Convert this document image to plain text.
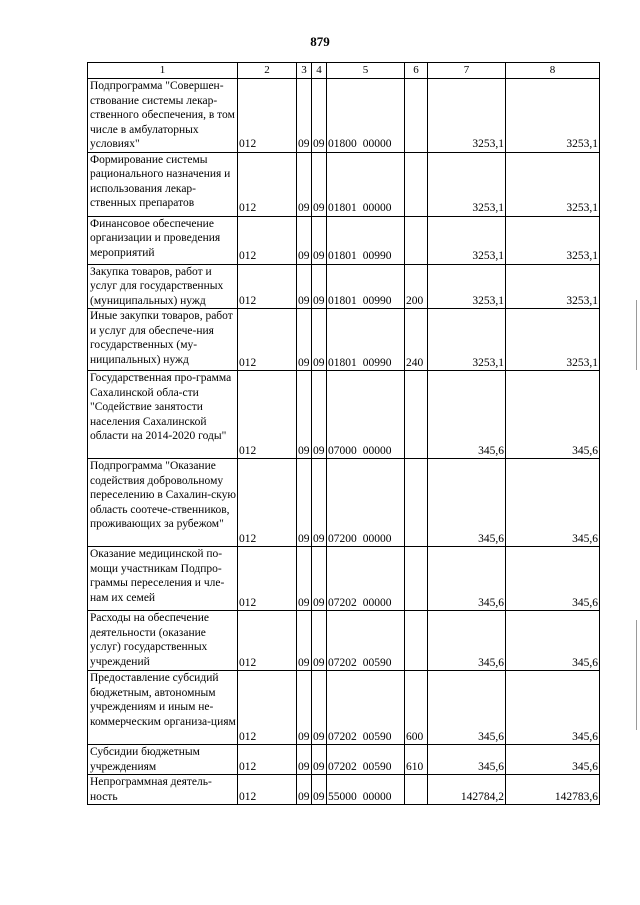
879
1	2	3	4	5	6	7	8
Подпрограмма "Совершен-ствование системы лекар-ственного обеспечения, в том числе в амбулаторных условиях"	012	09	09	01800 00000		3253,1	3253,1
Формирование системы рационального назначения и использования лекар-ственных препаратов	012	09	09	01801 00000		3253,1	3253,1
Финансовое обеспечение организации и проведения мероприятий	012	09	09	01801 00990		3253,1	3253,1
Закупка товаров, работ и услуг для государственных (муниципальных) нужд	012	09	09	01801 00990	200	3253,1	3253,1
Иные закупки товаров, работ и услуг для обеспече-ния государственных (му-ниципальных) нужд	012	09	09	01801 00990	240	3253,1	3253,1
Государственная про-грамма Сахалинской обла-сти "Содействие занятости населения Сахалинской области на 2014-2020 годы"	012	09	09	07000 00000		345,6	345,6
Подпрограмма "Оказание содействия добровольному переселению в Сахалин-скую область соотече-ственников, проживающих за рубежом"	012	09	09	07200 00000		345,6	345,6
Оказание медицинской по-мощи участникам Подпро-граммы переселения и чле-нам их семей	012	09	09	07202 00000		345,6	345,6
Расходы на обеспечение деятельности (оказание услуг) государственных учреждений	012	09	09	07202 00590		345,6	345,6
Предоставление субсидий бюджетным, автономным учреждениям и иным не-коммерческим организа-циям	012	09	09	07202 00590	600	345,6	345,6
Субсидии бюджетным учреждениям	012	09	09	07202 00590	610	345,6	345,6
Непрограммная деятель-ность	012	09	09	55000 00000		142784,2	142783,6
